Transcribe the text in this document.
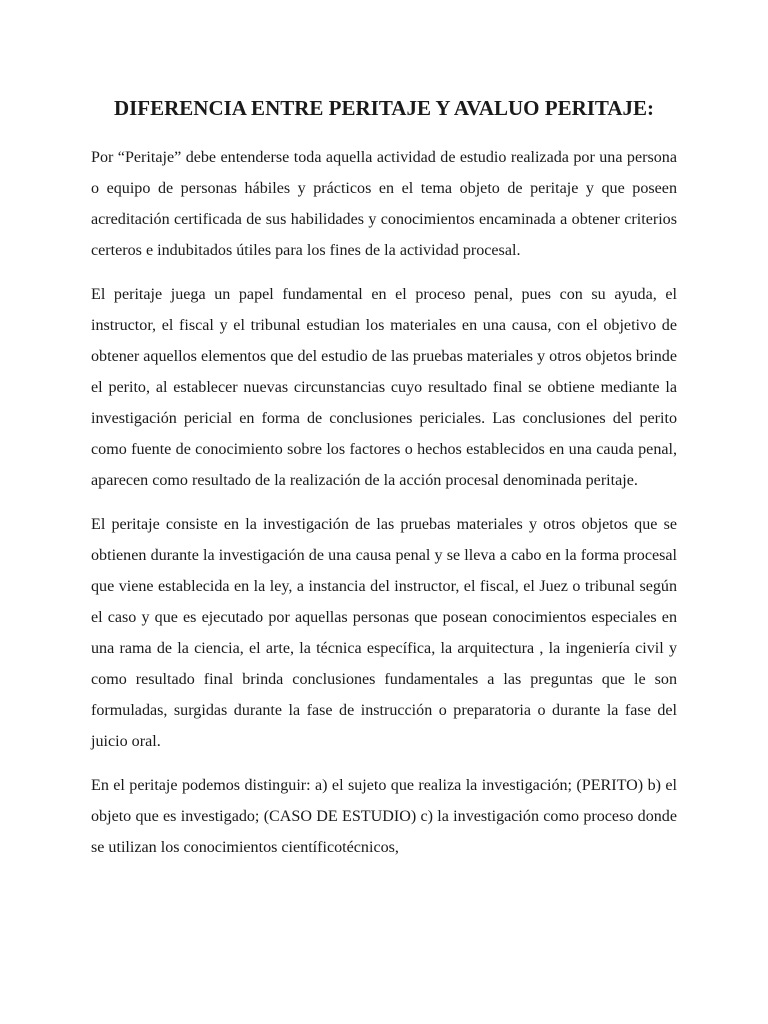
DIFERENCIA ENTRE PERITAJE Y AVALUO PERITAJE:

Por “Peritaje” debe entenderse toda aquella actividad de estudio realizada por una persona o equipo de personas hábiles y prácticos en el tema objeto de peritaje y que poseen acreditación certificada de sus habilidades y conocimientos encaminada a obtener criterios certeros e indubitados útiles para los fines de la actividad procesal.

El peritaje juega un papel fundamental en el proceso penal, pues con su ayuda, el instructor, el fiscal y el tribunal estudian los materiales en una causa, con el objetivo de obtener aquellos elementos que del estudio de las pruebas materiales y otros objetos brinde el perito, al establecer nuevas circunstancias cuyo resultado final se obtiene mediante la investigación pericial en forma de conclusiones periciales. Las conclusiones del perito como fuente de conocimiento sobre los factores o hechos establecidos en una cauda penal, aparecen como resultado de la realización de la acción procesal denominada peritaje.

El peritaje consiste en la investigación de las pruebas materiales y otros objetos que se obtienen durante la investigación de una causa penal y se lleva a cabo en la forma procesal que viene establecida en la ley, a instancia del instructor, el fiscal, el Juez o tribunal según el caso y que es ejecutado por aquellas personas que posean conocimientos especiales en una rama de la ciencia, el arte, la técnica específica, la arquitectura , la ingeniería civil y como resultado final brinda conclusiones fundamentales a las preguntas que le son formuladas, surgidas durante la fase de instrucción o preparatoria o durante la fase del juicio oral.

En el peritaje podemos distinguir: a) el sujeto que realiza la investigación; (PERITO) b) el objeto que es investigado; (CASO DE ESTUDIO) c) la investigación como proceso donde se utilizan los conocimientos científicotécnicos,
